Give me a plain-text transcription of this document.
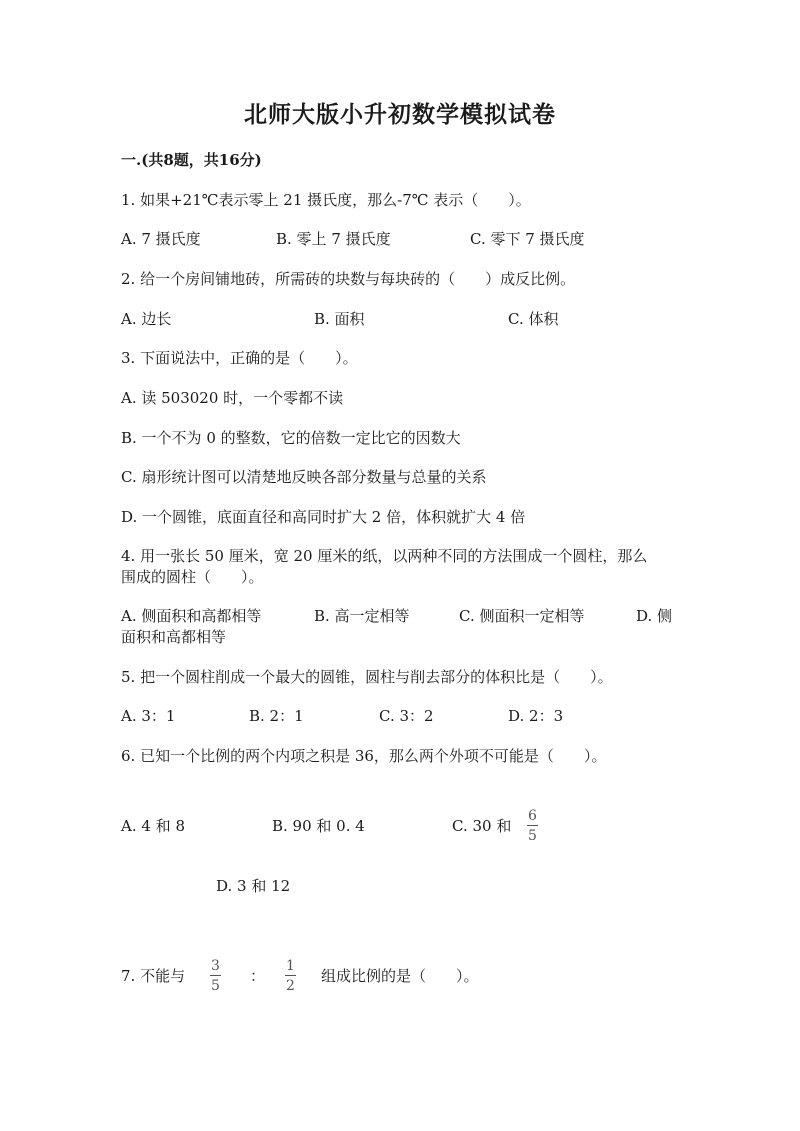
北师大版小升初数学模拟试卷
一.(共8题，共16分)
1. 如果+21℃表示零上 21 摄氏度，那么-7℃ 表示（　　）。
A. 7 摄氏度	B. 零上 7 摄氏度	C. 零下 7 摄氏度
2. 给一个房间铺地砖，所需砖的块数与每块砖的（　　）成反比例。
A. 边长	B. 面积	C. 体积
3. 下面说法中，正确的是（　　）。
A. 读 503020 时，一个零都不读
B. 一个不为 0 的整数，它的倍数一定比它的因数大
C. 扇形统计图可以清楚地反映各部分数量与总量的关系
D. 一个圆锥，底面直径和高同时扩大 2 倍，体积就扩大 4 倍
4. 用一张长 50 厘米，宽 20 厘米的纸，以两种不同的方法围成一个圆柱，那么
围成的圆柱（　　）。
A. 侧面积和高都相等	B. 高一定相等	C. 侧面积一定相等	D. 侧
面积和高都相等
5. 把一个圆柱削成一个最大的圆锥，圆柱与削去部分的体积比是（　　）。
A. 3：1	B. 2：1	C. 3：2	D. 2：3
6. 已知一个比例的两个内项之积是 36，那么两个外项不可能是（　　）。
A. 4 和 8	B. 90 和 0. 4	C. 30 和
6
5
D. 3 和 12
7. 不能与
3
5
：
1
2
组成比例的是（　　）。
